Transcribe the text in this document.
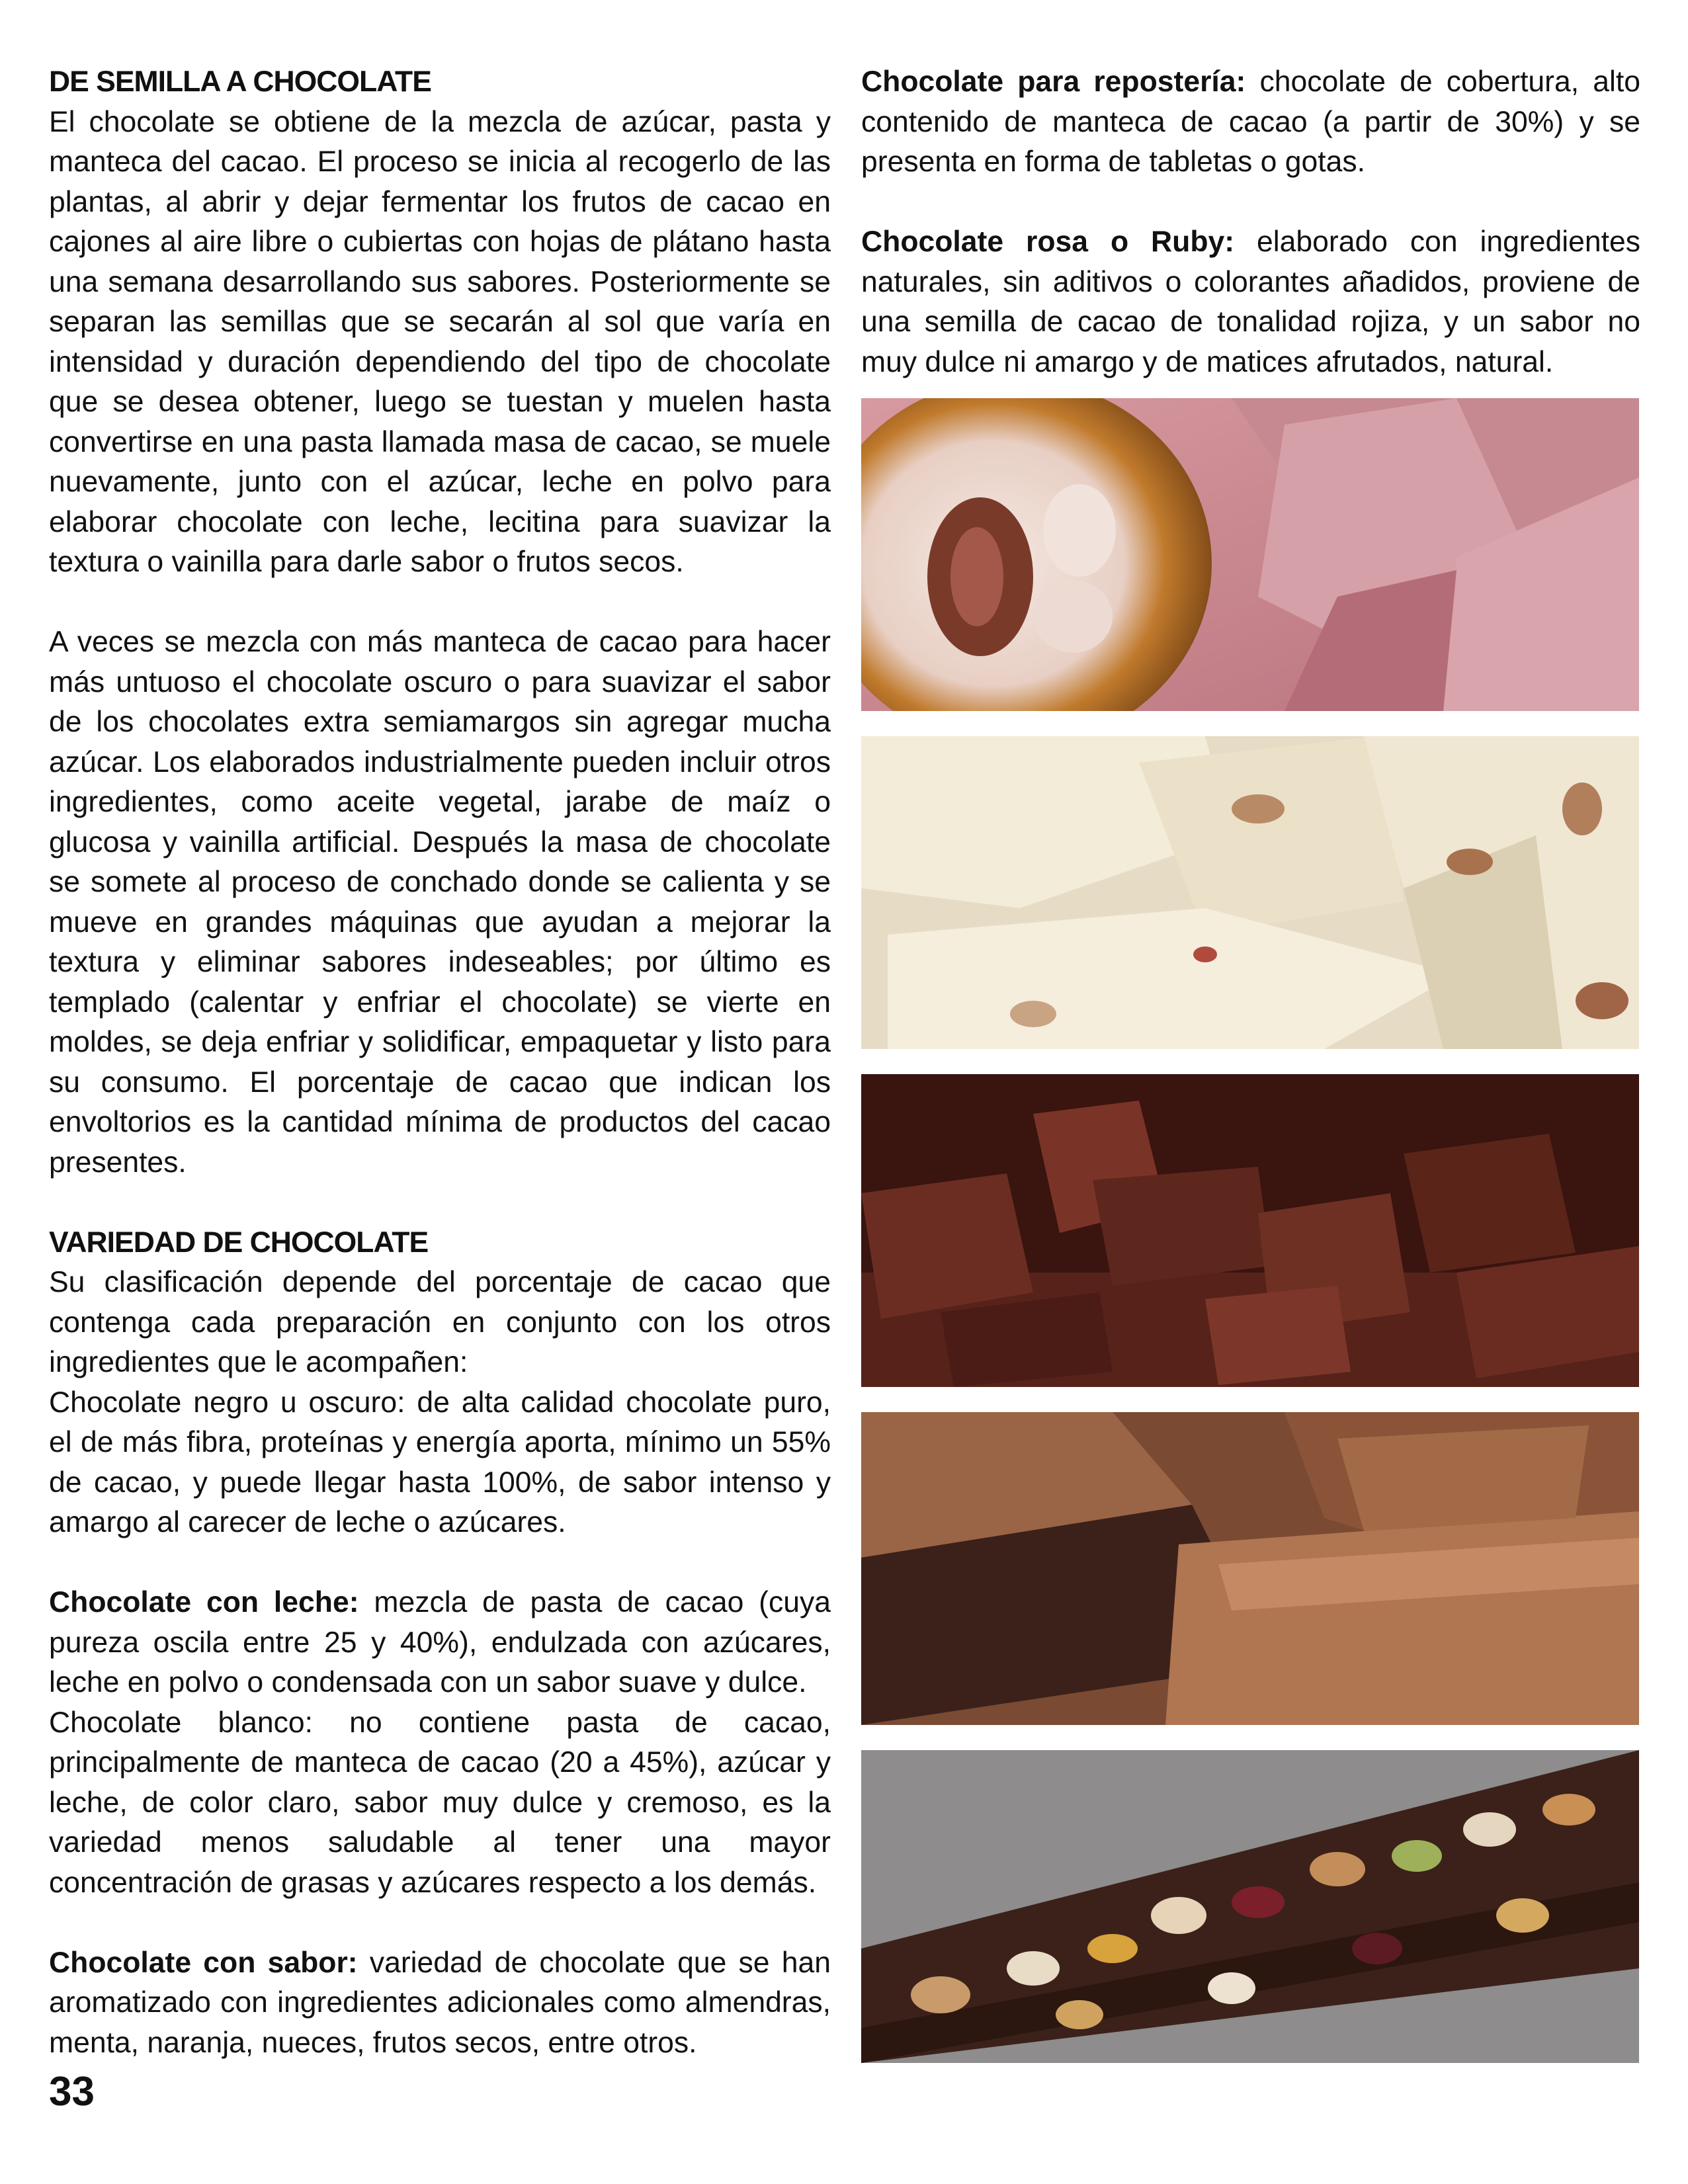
DE SEMILLA A CHOCOLATE
El chocolate se obtiene de la mezcla de azúcar, pasta y manteca del cacao. El proceso se inicia al recogerlo de las plantas, al abrir y dejar fermentar los frutos de cacao en cajones al aire libre o cubiertas con hojas de plátano hasta una semana desarrollando sus sabores. Posteriormente se separan las semillas que se secarán al sol que varía en intensidad y duración dependiendo del tipo de chocolate que se desea obtener, luego se tuestan y muelen hasta convertirse en una pasta llamada masa de cacao, se muele nuevamente, junto con el azúcar, leche en polvo para elaborar chocolate con leche, lecitina para suavizar la textura o vainilla para darle sabor o frutos secos.

A veces se mezcla con más manteca de cacao para hacer más untuoso el chocolate oscuro o para suavizar el sabor de los chocolates extra semiamargos sin agregar mucha azúcar. Los elaborados industrialmente pueden incluir otros ingredientes, como aceite vegetal, jarabe de maíz o glucosa y vainilla artificial. Después la masa de chocolate se somete al proceso de conchado donde se calienta y se mueve en grandes máquinas que ayudan a mejorar la textura y eliminar sabores indeseables; por último es templado (calentar y enfriar el chocolate) se vierte en moldes, se deja enfriar y solidificar, empaquetar y listo para su consumo. El porcentaje de cacao que indican los envoltorios es la cantidad mínima de productos del cacao presentes.

VARIEDAD DE CHOCOLATE
Su clasificación depende del porcentaje de cacao que contenga cada preparación en conjunto con los otros ingredientes que le acompañen:
Chocolate negro u oscuro: de alta calidad chocolate puro, el de más fibra, proteínas y energía aporta, mínimo un 55% de cacao, y puede llegar hasta 100%, de sabor intenso y amargo al carecer de leche o azúcares.

Chocolate con leche: mezcla de pasta de cacao (cuya pureza oscila entre 25 y 40%), endulzada con azúcares, leche en polvo o condensada con un sabor suave y dulce.
Chocolate blanco: no contiene pasta de cacao, principalmente de manteca de cacao (20 a 45%), azúcar y leche, de color claro, sabor muy dulce y cremoso, es la variedad menos saludable al tener una mayor concentración de grasas y azúcares respecto a los demás.

Chocolate con sabor: variedad de chocolate que se han aromatizado con ingredientes adicionales como almendras, menta, naranja, nueces, frutos secos, entre otros.

Chocolate para repostería: chocolate de cobertura, alto contenido de manteca de cacao (a partir de 30%) y se presenta en forma de tabletas o gotas.

Chocolate rosa o Ruby: elaborado con ingredientes naturales, sin aditivos o colorantes añadidos, proviene de una semilla de cacao de tonalidad rojiza, y un sabor no muy dulce ni amargo y de matices afrutados, natural.

33
